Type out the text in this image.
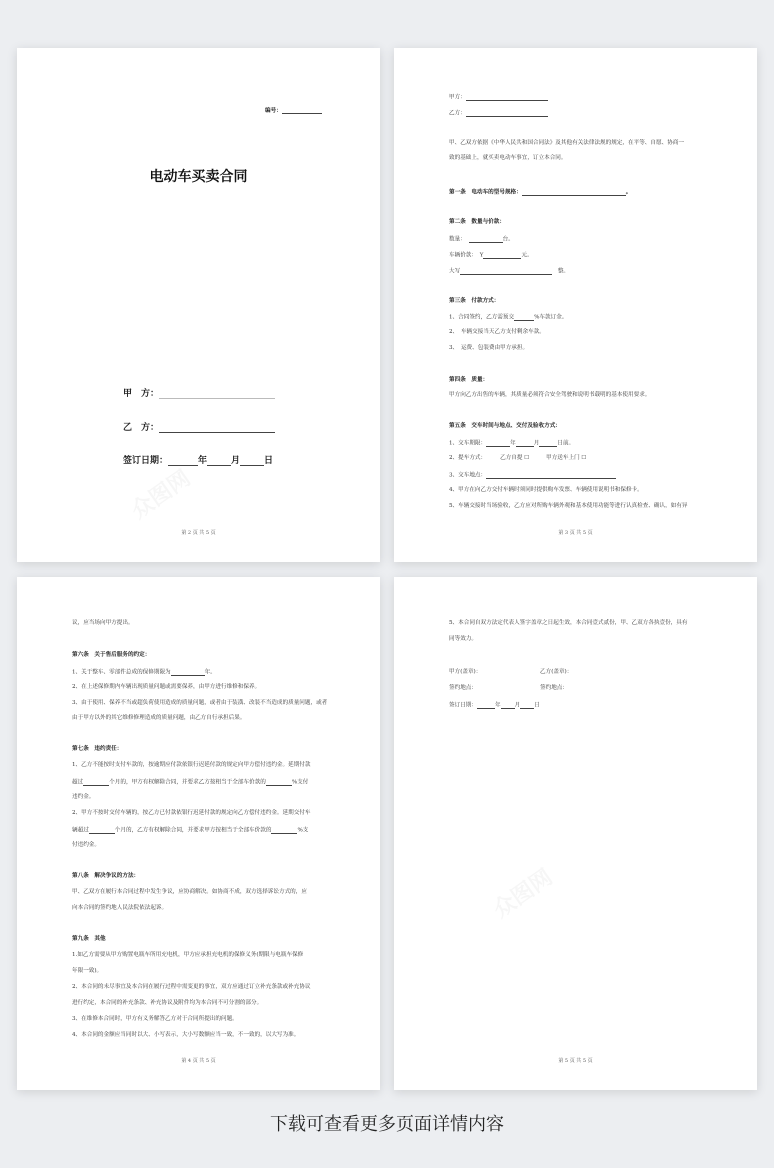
编号：
电动车买卖合同
甲　方：
乙　方：
签订日期：	年	月	日
第 2 页 共 5 页
甲方：
乙方：
甲、乙双方依据《中华人民共和国合同法》及其他有关法律法规的规定，在平等、自愿、协商一
致的基础上，就买卖电动车事宜，订立本合同。
第一条　电动车的型号规格：	。
第二条　数量与价款：
数量：　	台。
车辆价款：　Y	元。
大写　	整。
第三条　付款方式：
1、合同签约，乙方需预交	%车款订金。
2、　车辆交接当天乙方支付剩余车款。
3、　运费、包装费由甲方承担。
第四条　质量：
甲方向乙方出售的车辆，其质量必须符合安全驾驶和说明书载明的基本使用要求。
第五条　交车时间与地点、交付及验收方式：
1、交车期限：	年	月	日前。
2、提车方式：　　　	乙方自提 ☐　　　	甲方送车上门 ☐
3、交车地点：
4、甲方在向乙方交付车辆时须同时提供购车发票、车辆使用说明书和保修卡。
5、车辆交接时当场验收，乙方应对所购车辆外观和基本使用功能等进行认真检查、确认，如有异
第 3 页 共 5 页
议，应当场向甲方提出。
第六条　关于售后服务的约定：
1、关于整车、零部件总成的保修期限为	年。
2、在上述保修期内车辆出现质量问题或需要保养，由甲方进行维修和保养。
3、由于使用、保养不当或超负荷使用造成的质量问题，或者由于装潢、改装不当造成的质量问题，或者
由于甲方以外的其它维修修理造成的质量问题，由乙方自行承担后果。
第七条　违约责任：
1、乙方不能按时支付车款的，按逾期应付款依银行迟延付款的规定向甲方偿付违约金。延期付款
超过	个月的，甲方有权解除合同，并要求乙方按相当于全部车价款的	%支付
违约金。
2、甲方不按时交付车辆的，按乙方已付款依银行迟延付款的规定向乙方偿付违约金。延期交付车
辆超过	个月的，乙方有权解除合同，并要求甲方按相当于全部车价款的	%支
付违约金。
第八条　解决争议的方法：
甲、乙双方在履行本合同过程中发生争议，应协商解决。如协商不成，双方选择诉讼方式的，应
向本合同的签约地人民法院依法起诉。
第九条　其他
1.如乙方需要从甲方购置电瓶车所用充电机，甲方应承担充电机的保修义务(期限与电瓶车保修
年限一致)。
2、本合同的未尽事宜及本合同在履行过程中需变更的事宜，双方应通过订立补充条款或补充协议
进行约定，本合同的补充条款、补充协议及附件均为本合同不可分割的部分。
3、在维修本合同时，甲方有义务解答乙方对于合同所提出的问题。
4、本合同的金额应当同时以大、小写表示，大小写数额应当一致，不一致的，以大写为准。
第 4 页 共 5 页
5、本合同自双方法定代表人签字盖章之日起生效，本合同壹式贰份，甲、乙双方各执壹份，具有
同等效力。
甲方(盖章)：	乙方(盖章)：
签约地点：	签约地点：
签订日期：	年	月	日
第 5 页 共 5 页
下载可查看更多页面详情内容
